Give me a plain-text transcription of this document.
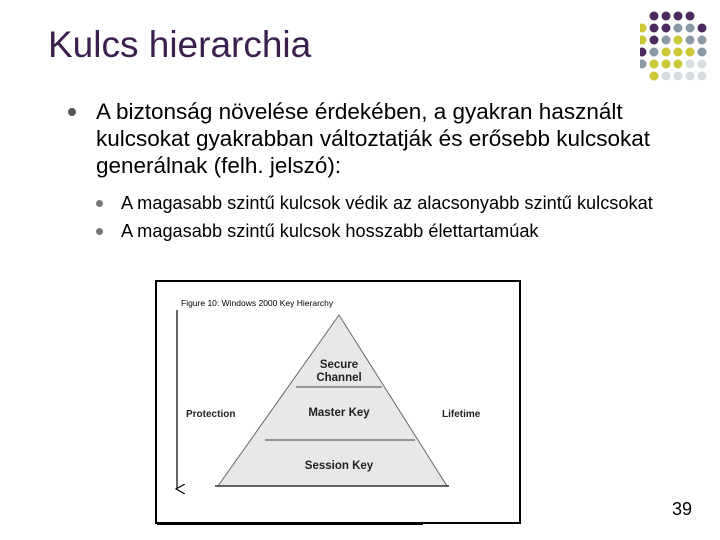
Kulcs hierarchia
A biztonság növelése érdekében, a gyakran használt kulcsokat gyakrabban változtatják és erősebb kulcsokat generálnak (felh. jelszó):
A magasabb szintű kulcsok védik az alacsonyabb szintű kulcsokat
A magasabb szintű kulcsok hosszabb élettartamúak
Figure 10: Windows 2000 Key Hierarchy
Secure
Channel
Master Key
Session Key
Protection	Lifetime
39
